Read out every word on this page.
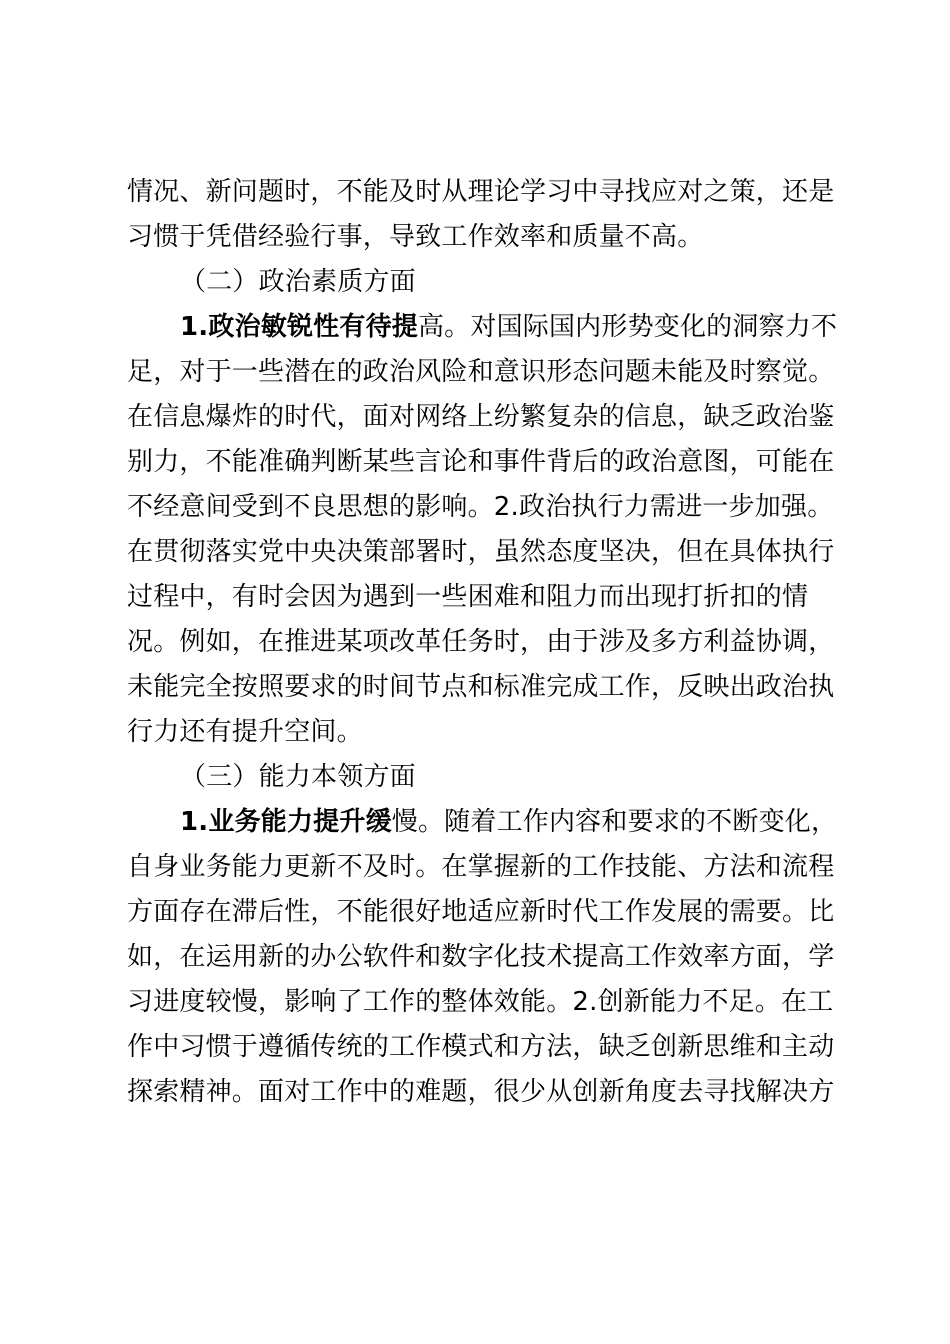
情况、新问题时，不能及时从理论学习中寻找应对之策，还是
习惯于凭借经验行事，导致工作效率和质量不高。
（二）政治素质方面
1.政治敏锐性有待提高。对国际国内形势变化的洞察力不
足，对于一些潜在的政治风险和意识形态问题未能及时察觉。
在信息爆炸的时代，面对网络上纷繁复杂的信息，缺乏政治鉴
别力，不能准确判断某些言论和事件背后的政治意图，可能在
不经意间受到不良思想的影响。2.政治执行力需进一步加强。
在贯彻落实党中央决策部署时，虽然态度坚决，但在具体执行
过程中，有时会因为遇到一些困难和阻力而出现打折扣的情
况。例如，在推进某项改革任务时，由于涉及多方利益协调，
未能完全按照要求的时间节点和标准完成工作，反映出政治执
行力还有提升空间。
（三）能力本领方面
1.业务能力提升缓慢。随着工作内容和要求的不断变化，
自身业务能力更新不及时。在掌握新的工作技能、方法和流程
方面存在滞后性，不能很好地适应新时代工作发展的需要。比
如，在运用新的办公软件和数字化技术提高工作效率方面，学
习进度较慢，影响了工作的整体效能。2.创新能力不足。在工
作中习惯于遵循传统的工作模式和方法，缺乏创新思维和主动
探索精神。面对工作中的难题，很少从创新角度去寻找解决方
